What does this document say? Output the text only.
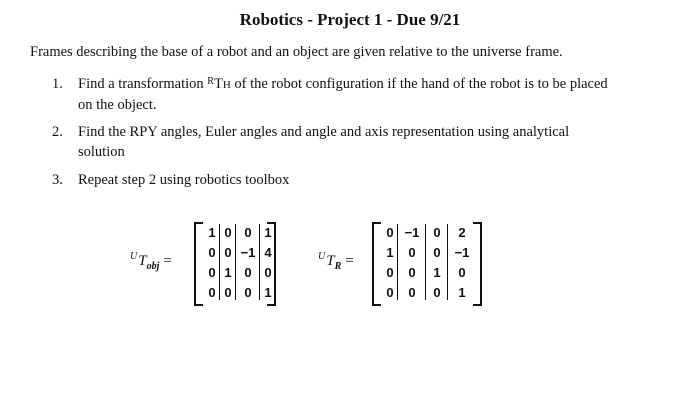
Robotics - Project 1 - Due 9/21
Frames describing the base of a robot and an object are given relative to the universe frame.
1.	Find a transformation $^R$TH of the robot configuration if the hand of the robot is to be placed on the object.
2.	Find the RPY angles, Euler angles and angle and axis representation using analytical solution
3.	Repeat step 2 using robotics toolbox
$^UT_{obj}$ =
1 0 0 1
0 0 −1 4
0 1 0 0
0 0 0 1
$^UT_R$ =
0 −1	0	2
1	0	0	−1
0	0	1	0
0	0	0	1
